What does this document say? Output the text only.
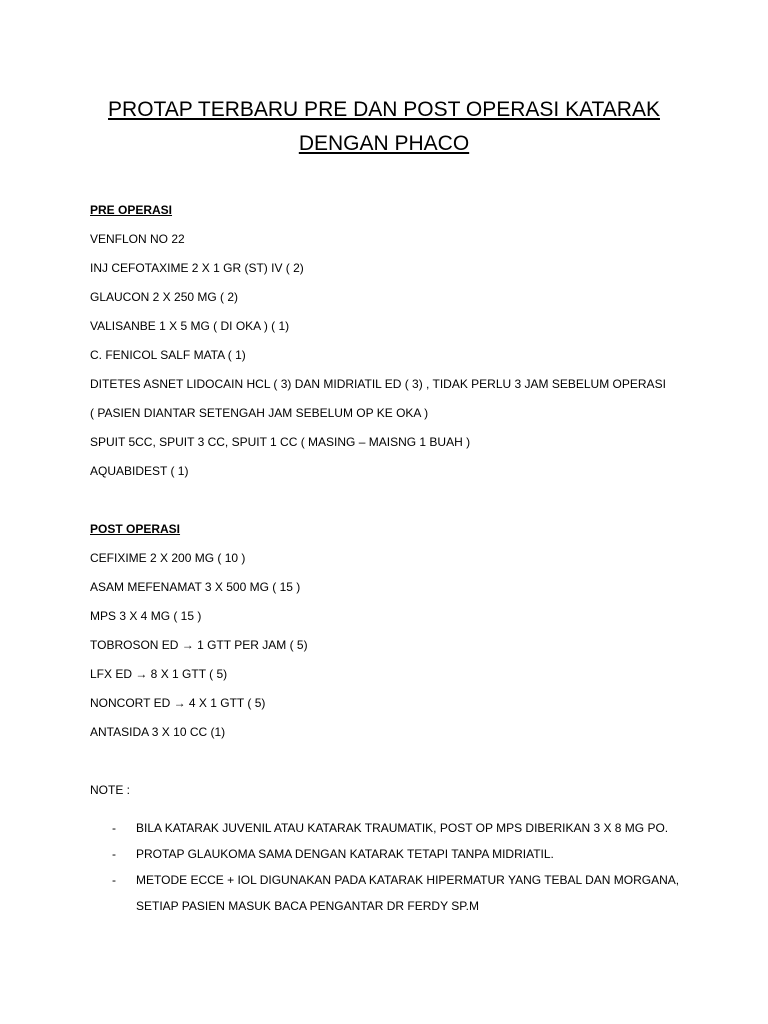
PROTAP TERBARU PRE DAN POST OPERASI KATARAK
DENGAN PHACO
PRE OPERASI
VENFLON NO 22
INJ CEFOTAXIME 2 X 1 GR (ST) IV ( 2)
GLAUCON 2 X 250 MG ( 2)
VALISANBE 1 X 5 MG ( DI OKA ) ( 1)
C. FENICOL SALF MATA ( 1)
DITETES ASNET LIDOCAIN HCL ( 3) DAN MIDRIATIL ED ( 3) , TIDAK PERLU 3 JAM SEBELUM OPERASI
( PASIEN DIANTAR SETENGAH JAM SEBELUM OP KE OKA )
SPUIT 5CC, SPUIT 3 CC, SPUIT 1 CC ( MASING – MAISNG 1 BUAH )
AQUABIDEST ( 1)
POST OPERASI
CEFIXIME 2 X 200 MG ( 10 )
ASAM MEFENAMAT 3 X 500 MG ( 15 )
MPS 3 X 4 MG ( 15 )
TOBROSON ED → 1 GTT PER JAM ( 5)
LFX ED → 8 X 1 GTT ( 5)
NONCORT ED → 4 X 1 GTT ( 5)
ANTASIDA 3 X 10 CC (1)
NOTE :
- BILA KATARAK JUVENIL ATAU KATARAK TRAUMATIK, POST OP MPS DIBERIKAN 3 X 8 MG PO.
- PROTAP GLAUKOMA SAMA DENGAN KATARAK TETAPI TANPA MIDRIATIL.
- METODE ECCE + IOL DIGUNAKAN PADA KATARAK HIPERMATUR YANG TEBAL DAN MORGANA,
SETIAP PASIEN MASUK BACA PENGANTAR DR FERDY SP.M
